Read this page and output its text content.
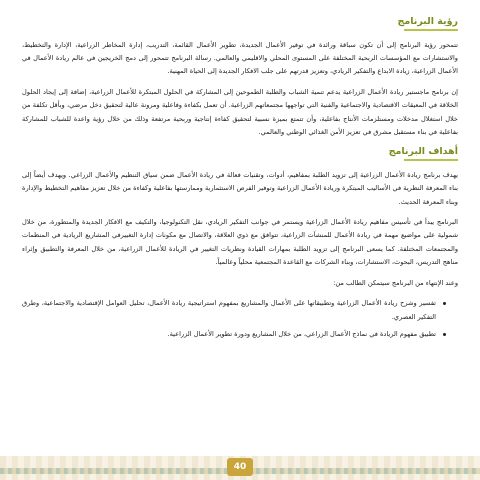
رؤية البرنامج

تتمحور رؤية البرنامج إلى أن تكون سباقة ورائدة في توفير الأعمال الجديدة، تطوير الأعمال القائمة، التدريب، إدارة المخاطر الزراعية، الإدارة والتخطيط، والاستشارات مع المؤسسات الربحية المختلفة على المستوى المحلي والاقليمي والعالمي. رسالة البرنامج تتمحور إلى دمج الخريجين في عالم ريادة الأعمال في الأعمال الزراعية، زيادة الابداع والتفكير الريادي، وتعزيز قدرتهم على جلب الافكار الجديدة إلى الحياة المهنية.

إن برنامج ماجستير ريادة الأعمال الزراعية يدعم تنمية الشباب والطلبة الطموحين إلى المشاركة في الحلول المبتكرة للأعمال الزراعية، إضافة إلى إيجاد الحلول الخلاقة في المعيقات الاقتصادية والاجتماعية والفنية التي تواجهها مجتمعاتهم الزراعية. أن تعمل بكفاءة وفاعلية ومرونة عالية لتحقيق دخل مرضي، وبأقل تكلفة من خلال استغلال مدخلات ومستلزمات الأنتاج بفاعلية، وأن تتمتع بميزة نسبية لتحقيق كفاءة إنتاجية وربحية مرتفعة وذلك من خلال رؤية واعدة للشباب للمشاركة بفاعلية في بناء مستقبل مشرق في تعزيز الأمن الغذائي الوطني والعالمي.

أهداف البرنامج

يهدف برنامج ريادة الأعمال الزراعية إلى تزويد الطلبة بمفاهيم، أدوات، وتقنيات فعالة في ريادة الأعمال ضمن سياق التنظيم والأعمال الزراعي. ويهدف أيضاً إلى بناء المعرفة النظرية في الأساليب المبتكرة وريادة الأعمال الزراعية وتوفير الفرص الاستثمارية وممارستها بفاعلية وكفاءة من خلال تعزيز مفاهيم التخطيط والإدارة وبناء المعرفة الحديث.

البرنامج يبدأ في تأسيس مفاهيم ريادة الأعمال الزراعية ويستمر في جوانب التفكير الريادي، نقل التكنولوجيا، والتكيف مع الافكار الجديدة والمتطورة، من خلال شمولية على مواضيع مهمة في ريادة الأعمال للمنشآت الزراعية، تتوافق مع ذوي العلاقة، والاتصال مع مكونات إدارة التغييرفي المشاريع الريادية في المنظمات والمجتمعات المختلفة. كما يسعى البرنامج إلى تزويد الطلبة بمهارات القيادة ونظريات التغيير في الريادة للأعمال الزراعية، من خلال المعرفة والتطبيق وإثراء مناهج التدريس، البحوث، الاستشارات، وبناء الشركات مع القاعدة المجتمعية محلياً وعالمياً.

وعند الإنتهاء من البرنامج سيتمكن الطالب من:

تفسير وشرح ريادة الأعمال الزراعية وتطبيقاتها على الأعمال والمشاريع بمفهوم استراتيجية ريادة الأعمال، تحليل العوامل الإقتصادية والاجتماعية، وطرق التفكير العصري.
تطبيق مفهوم الريادة في نماذج الأعمال الزراعي، من خلال المشاريع ودورة تطوير الأعمال الزراعية.
40
